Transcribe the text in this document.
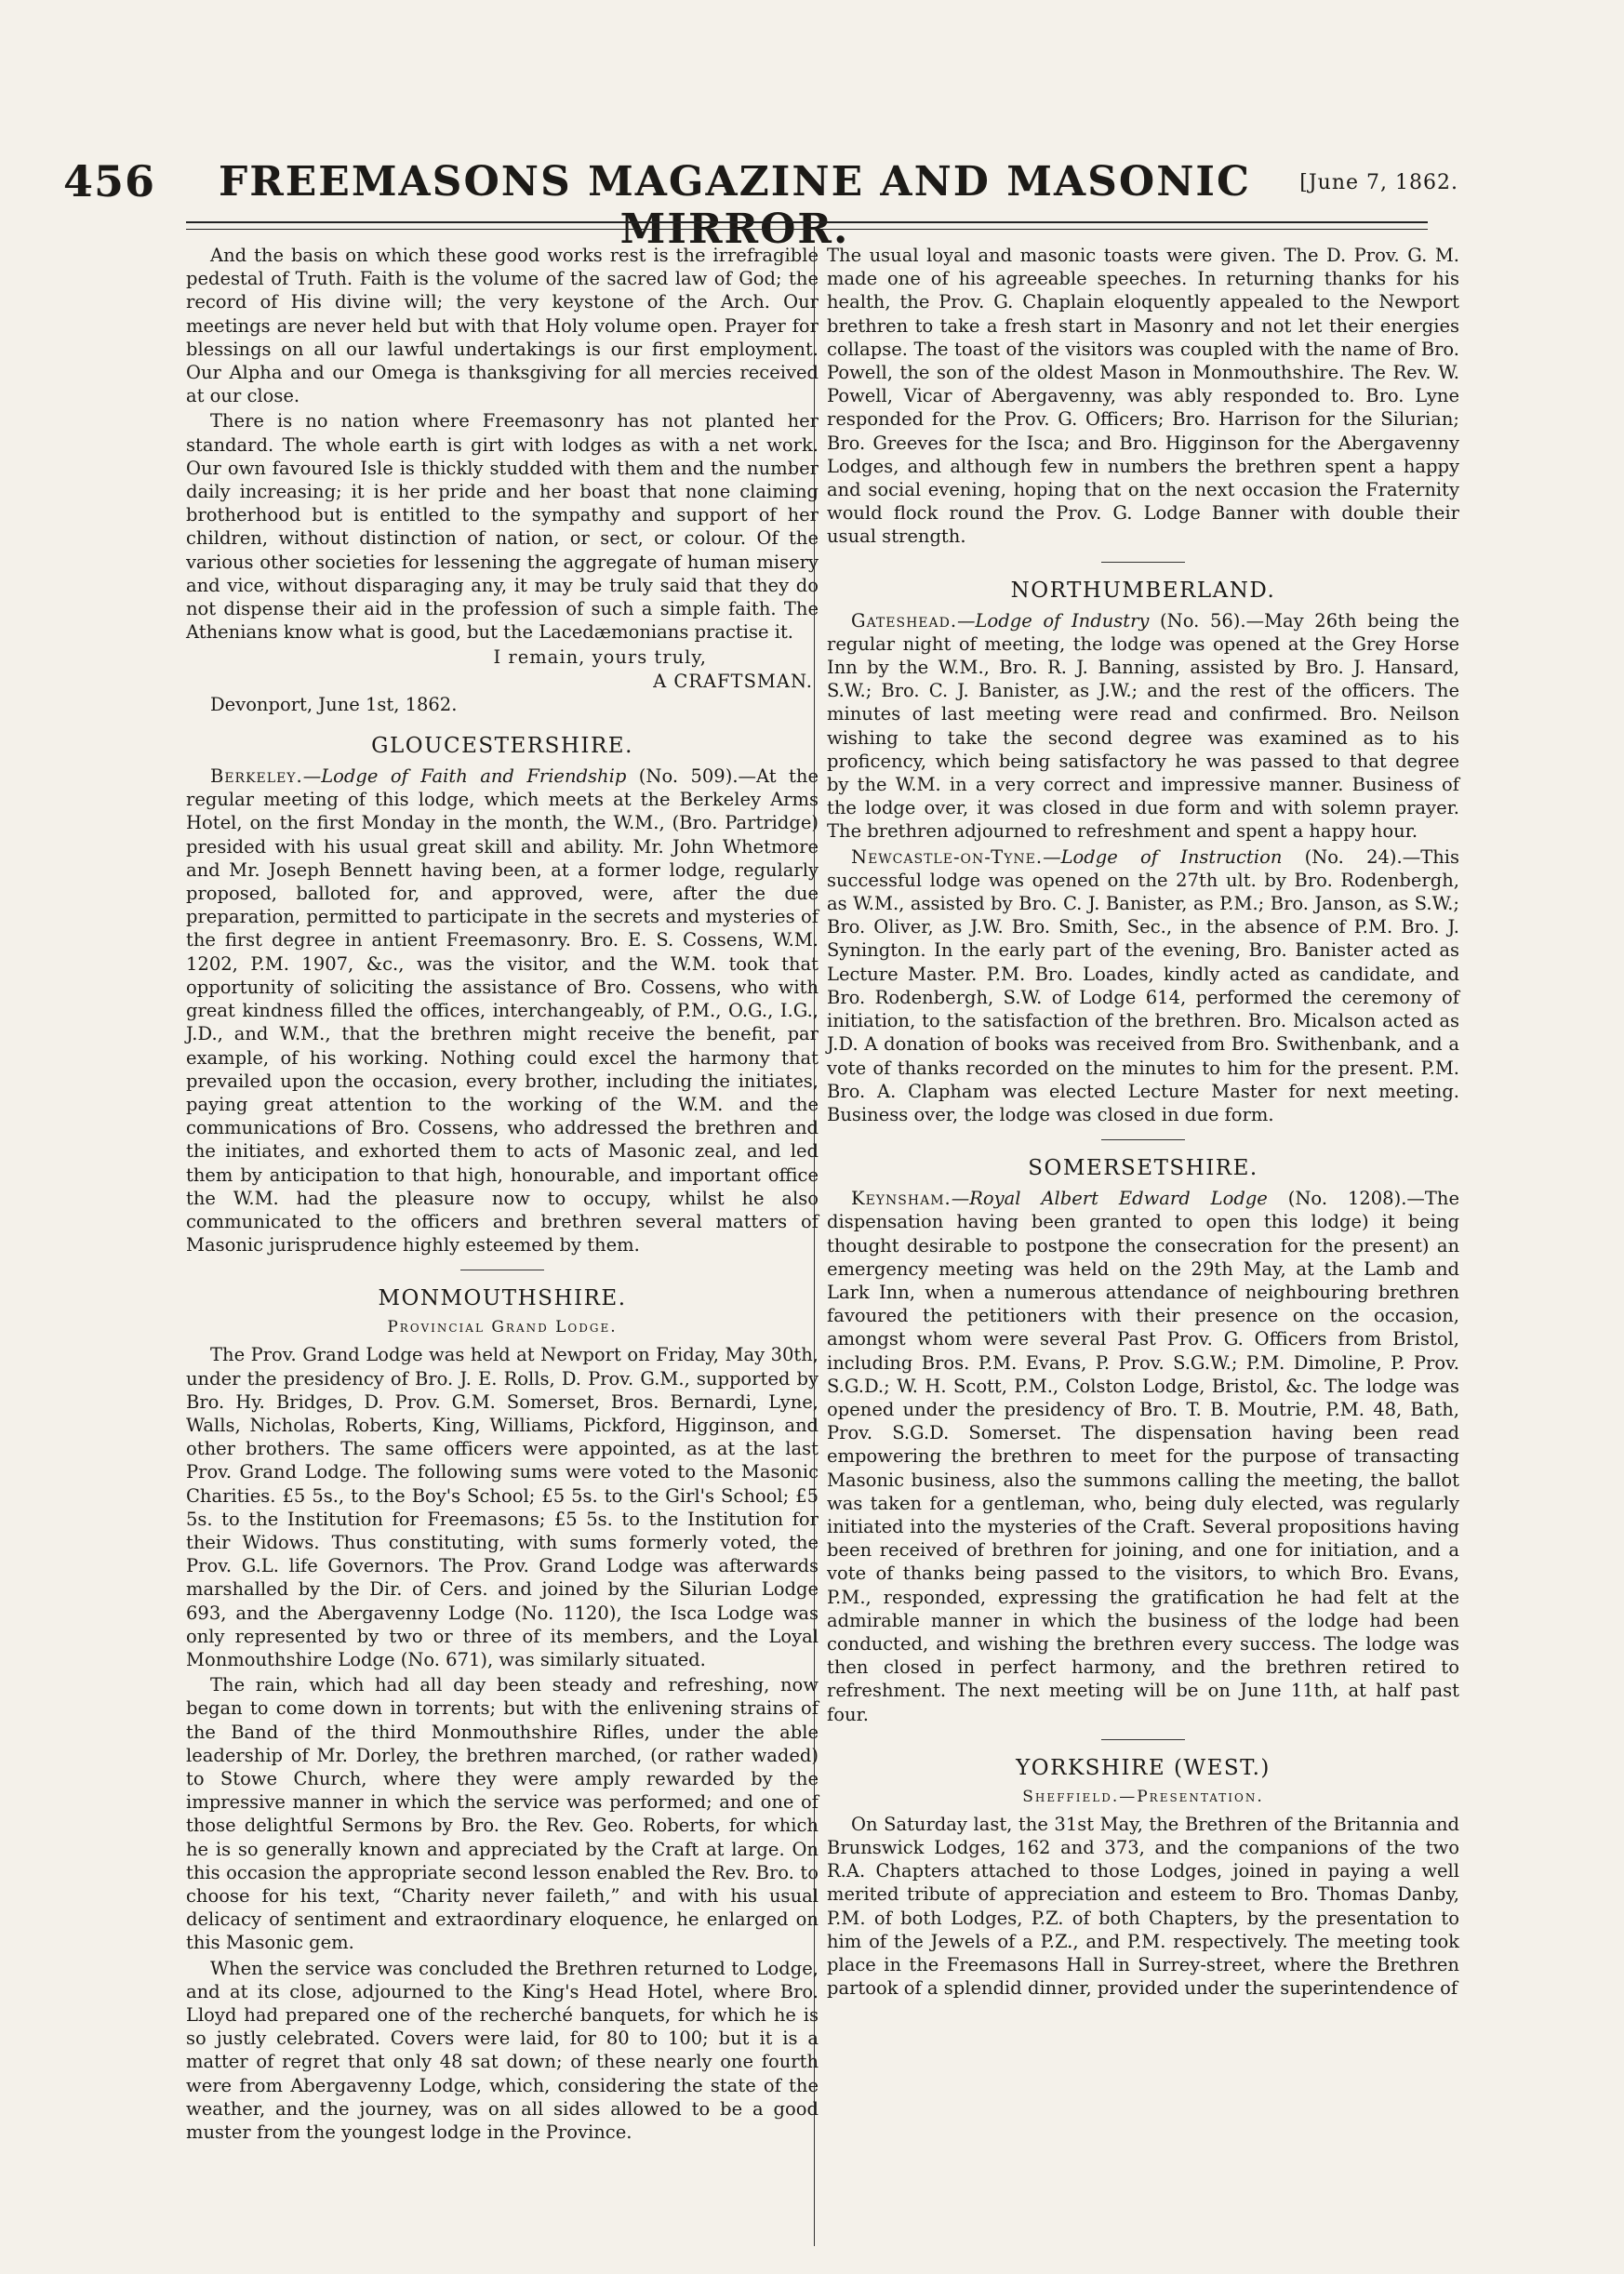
456	FREEMASONS MAGAZINE AND MASONIC MIRROR.
[June 7, 1862.

And the basis on which these good works rest is the irrefragible pedestal of Truth. Faith is the volume of the sacred law of God; the record of His divine will; the very keystone of the Arch. Our meetings are never held but with that Holy volume open. Prayer for blessings on all our lawful undertakings is our first employment. Our Alpha and our Omega is thanksgiving for all mercies received at our close.

There is no nation where Freemasonry has not planted her standard. The whole earth is girt with lodges as with a net work. Our own favoured Isle is thickly studded with them and the number daily increasing; it is her pride and her boast that none claiming brotherhood but is entitled to the sympathy and support of her children, without distinction of nation, or sect, or colour. Of the various other societies for lessening the aggregate of human misery and vice, without disparaging any, it may be truly said that they do not dispense their aid in the profession of such a simple faith. The Athenians know what is good, but the Lacedæmonians practise it.

I remain, yours truly,

A CRAFTSMAN.

Devonport, June 1st, 1862.

GLOUCESTERSHIRE.

Berkeley.—Lodge of Faith and Friendship (No. 509).—At the regular meeting of this lodge, which meets at the Berkeley Arms Hotel, on the first Monday in the month, the W.M., (Bro. Partridge) presided with his usual great skill and ability. Mr. John Whetmore and Mr. Joseph Bennett having been, at a former lodge, regularly proposed, balloted for, and approved, were, after the due preparation, permitted to participate in the secrets and mysteries of the first degree in antient Freemasonry. Bro. E. S. Cossens, W.M. 1202, P.M. 1907, &c., was the visitor, and the W.M. took that opportunity of soliciting the assistance of Bro. Cossens, who with great kindness filled the offices, interchangeably, of P.M., O.G., I.G., J.D., and W.M., that the brethren might receive the benefit, par example, of his working. Nothing could excel the harmony that prevailed upon the occasion, every brother, including the initiates, paying great attention to the working of the W.M. and the communications of Bro. Cossens, who addressed the brethren and the initiates, and exhorted them to acts of Masonic zeal, and led them by anticipation to that high, honourable, and important office the W.M. had the pleasure now to occupy, whilst he also communicated to the officers and brethren several matters of Masonic jurisprudence highly esteemed by them.

MONMOUTHSHIRE.
Provincial Grand Lodge.

The Prov. Grand Lodge was held at Newport on Friday, May 30th, under the presidency of Bro. J. E. Rolls, D. Prov. G.M., supported by Bro. Hy. Bridges, D. Prov. G.M. Somerset, Bros. Bernardi, Lyne, Walls, Nicholas, Roberts, King, Williams, Pickford, Higginson, and other brothers. The same officers were appointed, as at the last Prov. Grand Lodge. The following sums were voted to the Masonic Charities. £5 5s., to the Boy's School; £5 5s. to the Girl's School; £5 5s. to the Institution for Freemasons; £5 5s. to the Institution for their Widows. Thus constituting, with sums formerly voted, the Prov. G.L. life Governors. The Prov. Grand Lodge was afterwards marshalled by the Dir. of Cers. and joined by the Silurian Lodge 693, and the Abergavenny Lodge (No. 1120), the Isca Lodge was only represented by two or three of its members, and the Loyal Monmouthshire Lodge (No. 671), was similarly situated.

The rain, which had all day been steady and refreshing, now began to come down in torrents; but with the enlivening strains of the Band of the third Monmouthshire Rifles, under the able leadership of Mr. Dorley, the brethren marched, (or rather waded) to Stowe Church, where they were amply rewarded by the impressive manner in which the service was performed; and one of those delightful Sermons by Bro. the Rev. Geo. Roberts, for which he is so generally known and appreciated by the Craft at large. On this occasion the appropriate second lesson enabled the Rev. Bro. to choose for his text, “Charity never faileth,” and with his usual delicacy of sentiment and extraordinary eloquence, he enlarged on this Masonic gem.

When the service was concluded the Brethren returned to Lodge, and at its close, adjourned to the King's Head Hotel, where Bro. Lloyd had prepared one of the recherché banquets, for which he is so justly celebrated. Covers were laid, for 80 to 100; but it is a matter of regret that only 48 sat down; of these nearly one fourth were from Abergavenny Lodge, which, considering the state of the weather, and the journey, was on all sides allowed to be a good muster from the youngest lodge in the Province.

The usual loyal and masonic toasts were given. The D. Prov. G. M. made one of his agreeable speeches. In returning thanks for his health, the Prov. G. Chaplain eloquently appealed to the Newport brethren to take a fresh start in Masonry and not let their energies collapse. The toast of the visitors was coupled with the name of Bro. Powell, the son of the oldest Mason in Monmouthshire. The Rev. W. Powell, Vicar of Abergavenny, was ably responded to. Bro. Lyne responded for the Prov. G. Officers; Bro. Harrison for the Silurian; Bro. Greeves for the Isca; and Bro. Higginson for the Abergavenny Lodges, and although few in numbers the brethren spent a happy and social evening, hoping that on the next occasion the Fraternity would flock round the Prov. G. Lodge Banner with double their usual strength.

NORTHUMBERLAND.

Gateshead.—Lodge of Industry (No. 56).—May 26th being the regular night of meeting, the lodge was opened at the Grey Horse Inn by the W.M., Bro. R. J. Banning, assisted by Bro. J. Hansard, S.W.; Bro. C. J. Banister, as J.W.; and the rest of the officers. The minutes of last meeting were read and confirmed. Bro. Neilson wishing to take the second degree was examined as to his proficency, which being satisfactory he was passed to that degree by the W.M. in a very correct and impressive manner. Business of the lodge over, it was closed in due form and with solemn prayer. The brethren adjourned to refreshment and spent a happy hour.

Newcastle-on-Tyne.—Lodge of Instruction (No. 24).—This successful lodge was opened on the 27th ult. by Bro. Rodenbergh, as W.M., assisted by Bro. C. J. Banister, as P.M.; Bro. Janson, as S.W.; Bro. Oliver, as J.W. Bro. Smith, Sec., in the absence of P.M. Bro. J. Synington. In the early part of the evening, Bro. Banister acted as Lecture Master. P.M. Bro. Loades, kindly acted as candidate, and Bro. Rodenbergh, S.W. of Lodge 614, performed the ceremony of initiation, to the satisfaction of the brethren. Bro. Micalson acted as J.D. A donation of books was received from Bro. Swithenbank, and a vote of thanks recorded on the minutes to him for the present. P.M. Bro. A. Clapham was elected Lecture Master for next meeting. Business over, the lodge was closed in due form.

SOMERSETSHIRE.

Keynsham.—Royal Albert Edward Lodge (No. 1208).—The dispensation having been granted to open this lodge) it being thought desirable to postpone the consecration for the present) an emergency meeting was held on the 29th May, at the Lamb and Lark Inn, when a numerous attendance of neighbouring brethren favoured the petitioners with their presence on the occasion, amongst whom were several Past Prov. G. Officers from Bristol, including Bros. P.M. Evans, P. Prov. S.G.W.; P.M. Dimoline, P. Prov. S.G.D.; W. H. Scott, P.M., Colston Lodge, Bristol, &c. The lodge was opened under the presidency of Bro. T. B. Moutrie, P.M. 48, Bath, Prov. S.G.D. Somerset. The dispensation having been read empowering the brethren to meet for the purpose of transacting Masonic business, also the summons calling the meeting, the ballot was taken for a gentleman, who, being duly elected, was regularly initiated into the mysteries of the Craft. Several propositions having been received of brethren for joining, and one for initiation, and a vote of thanks being passed to the visitors, to which Bro. Evans, P.M., responded, expressing the gratification he had felt at the admirable manner in which the business of the lodge had been conducted, and wishing the brethren every success. The lodge was then closed in perfect harmony, and the brethren retired to refreshment. The next meeting will be on June 11th, at half past four.

YORKSHIRE (WEST.)
Sheffield.—Presentation.

On Saturday last, the 31st May, the Brethren of the Britannia and Brunswick Lodges, 162 and 373, and the companions of the two R.A. Chapters attached to those Lodges, joined in paying a well merited tribute of appreciation and esteem to Bro. Thomas Danby, P.M. of both Lodges, P.Z. of both Chapters, by the presentation to him of the Jewels of a P.Z., and P.M. respectively. The meeting took place in the Freemasons Hall in Surrey-street, where the Brethren partook of a splendid dinner, provided under the superintendence of
